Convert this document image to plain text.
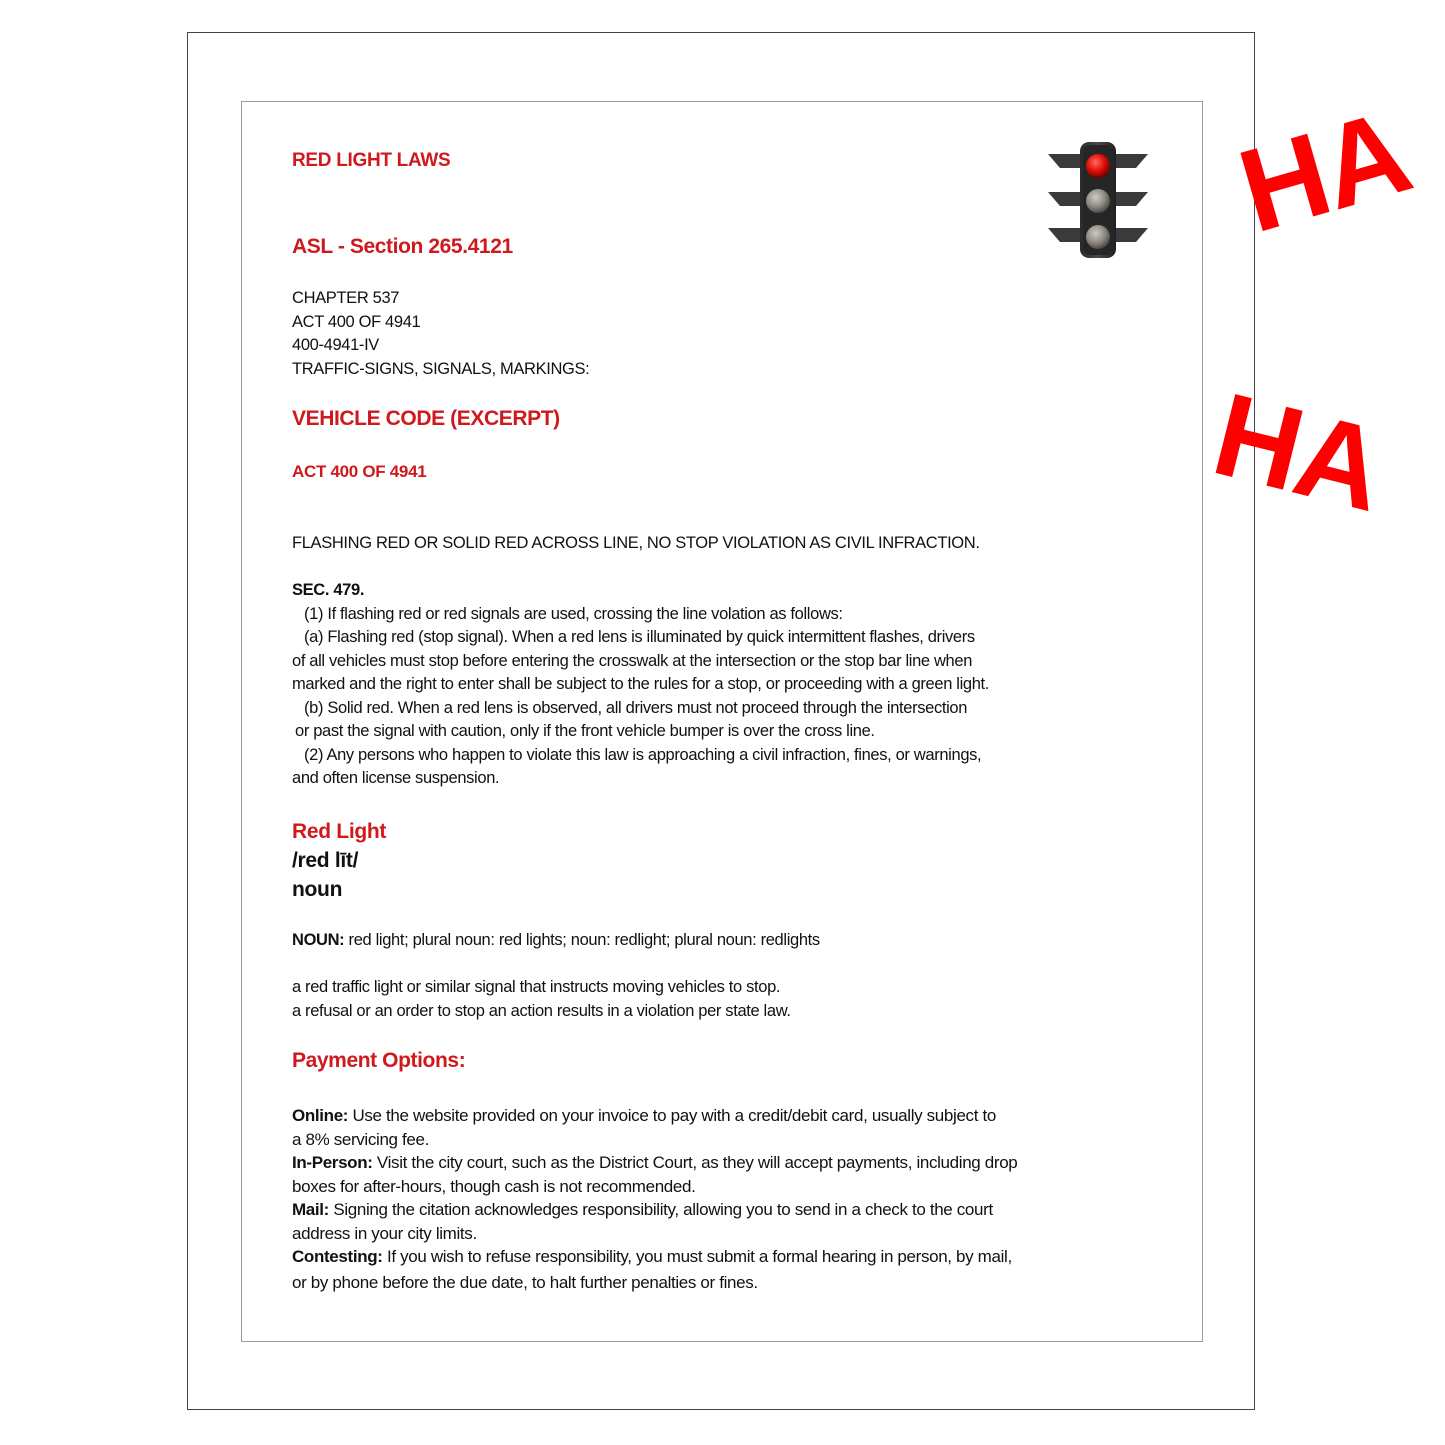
RED LIGHT LAWS
ASL - Section 265.4121
CHAPTER 537
ACT 400 OF 4941
400-4941-IV
TRAFFIC-SIGNS, SIGNALS, MARKINGS:
VEHICLE CODE (EXCERPT)
ACT 400 OF 4941
FLASHING RED OR SOLID RED ACROSS LINE, NO STOP VIOLATION AS CIVIL INFRACTION.
SEC. 479.
(1) If flashing red or red signals are used, crossing the line volation as follows:
(a) Flashing red (stop signal). When a red lens is illuminated by quick intermittent flashes, drivers
of all vehicles must stop before entering the crosswalk at the intersection or the stop bar line when
marked and the right to enter shall be subject to the rules for a stop, or proceeding with a green light.
(b) Solid red. When a red lens is observed, all drivers must not proceed through the intersection
or past the signal with caution, only if the front vehicle bumper is over the cross line.
(2) Any persons who happen to violate this law is approaching a civil infraction, fines, or warnings,
and often license suspension.
Red Light
/red līt/
noun
NOUN: red light; plural noun: red lights; noun: redlight; plural noun: redlights
a red traffic light or similar signal that instructs moving vehicles to stop.
a refusal or an order to stop an action results in a violation per state law.
Payment Options:
Online: Use the website provided on your invoice to pay with a credit/debit card, usually subject to
a 8% servicing fee.
In-Person: Visit the city court, such as the District Court, as they will accept payments, including drop
boxes for after-hours, though cash is not recommended.
Mail: Signing the citation acknowledges responsibility, allowing you to send in a check to the court
address in your city limits.
Contesting: If you wish to refuse responsibility, you must submit a formal hearing in person, by mail,
or by phone before the due date, to halt further penalties or fines.
HA
HA
